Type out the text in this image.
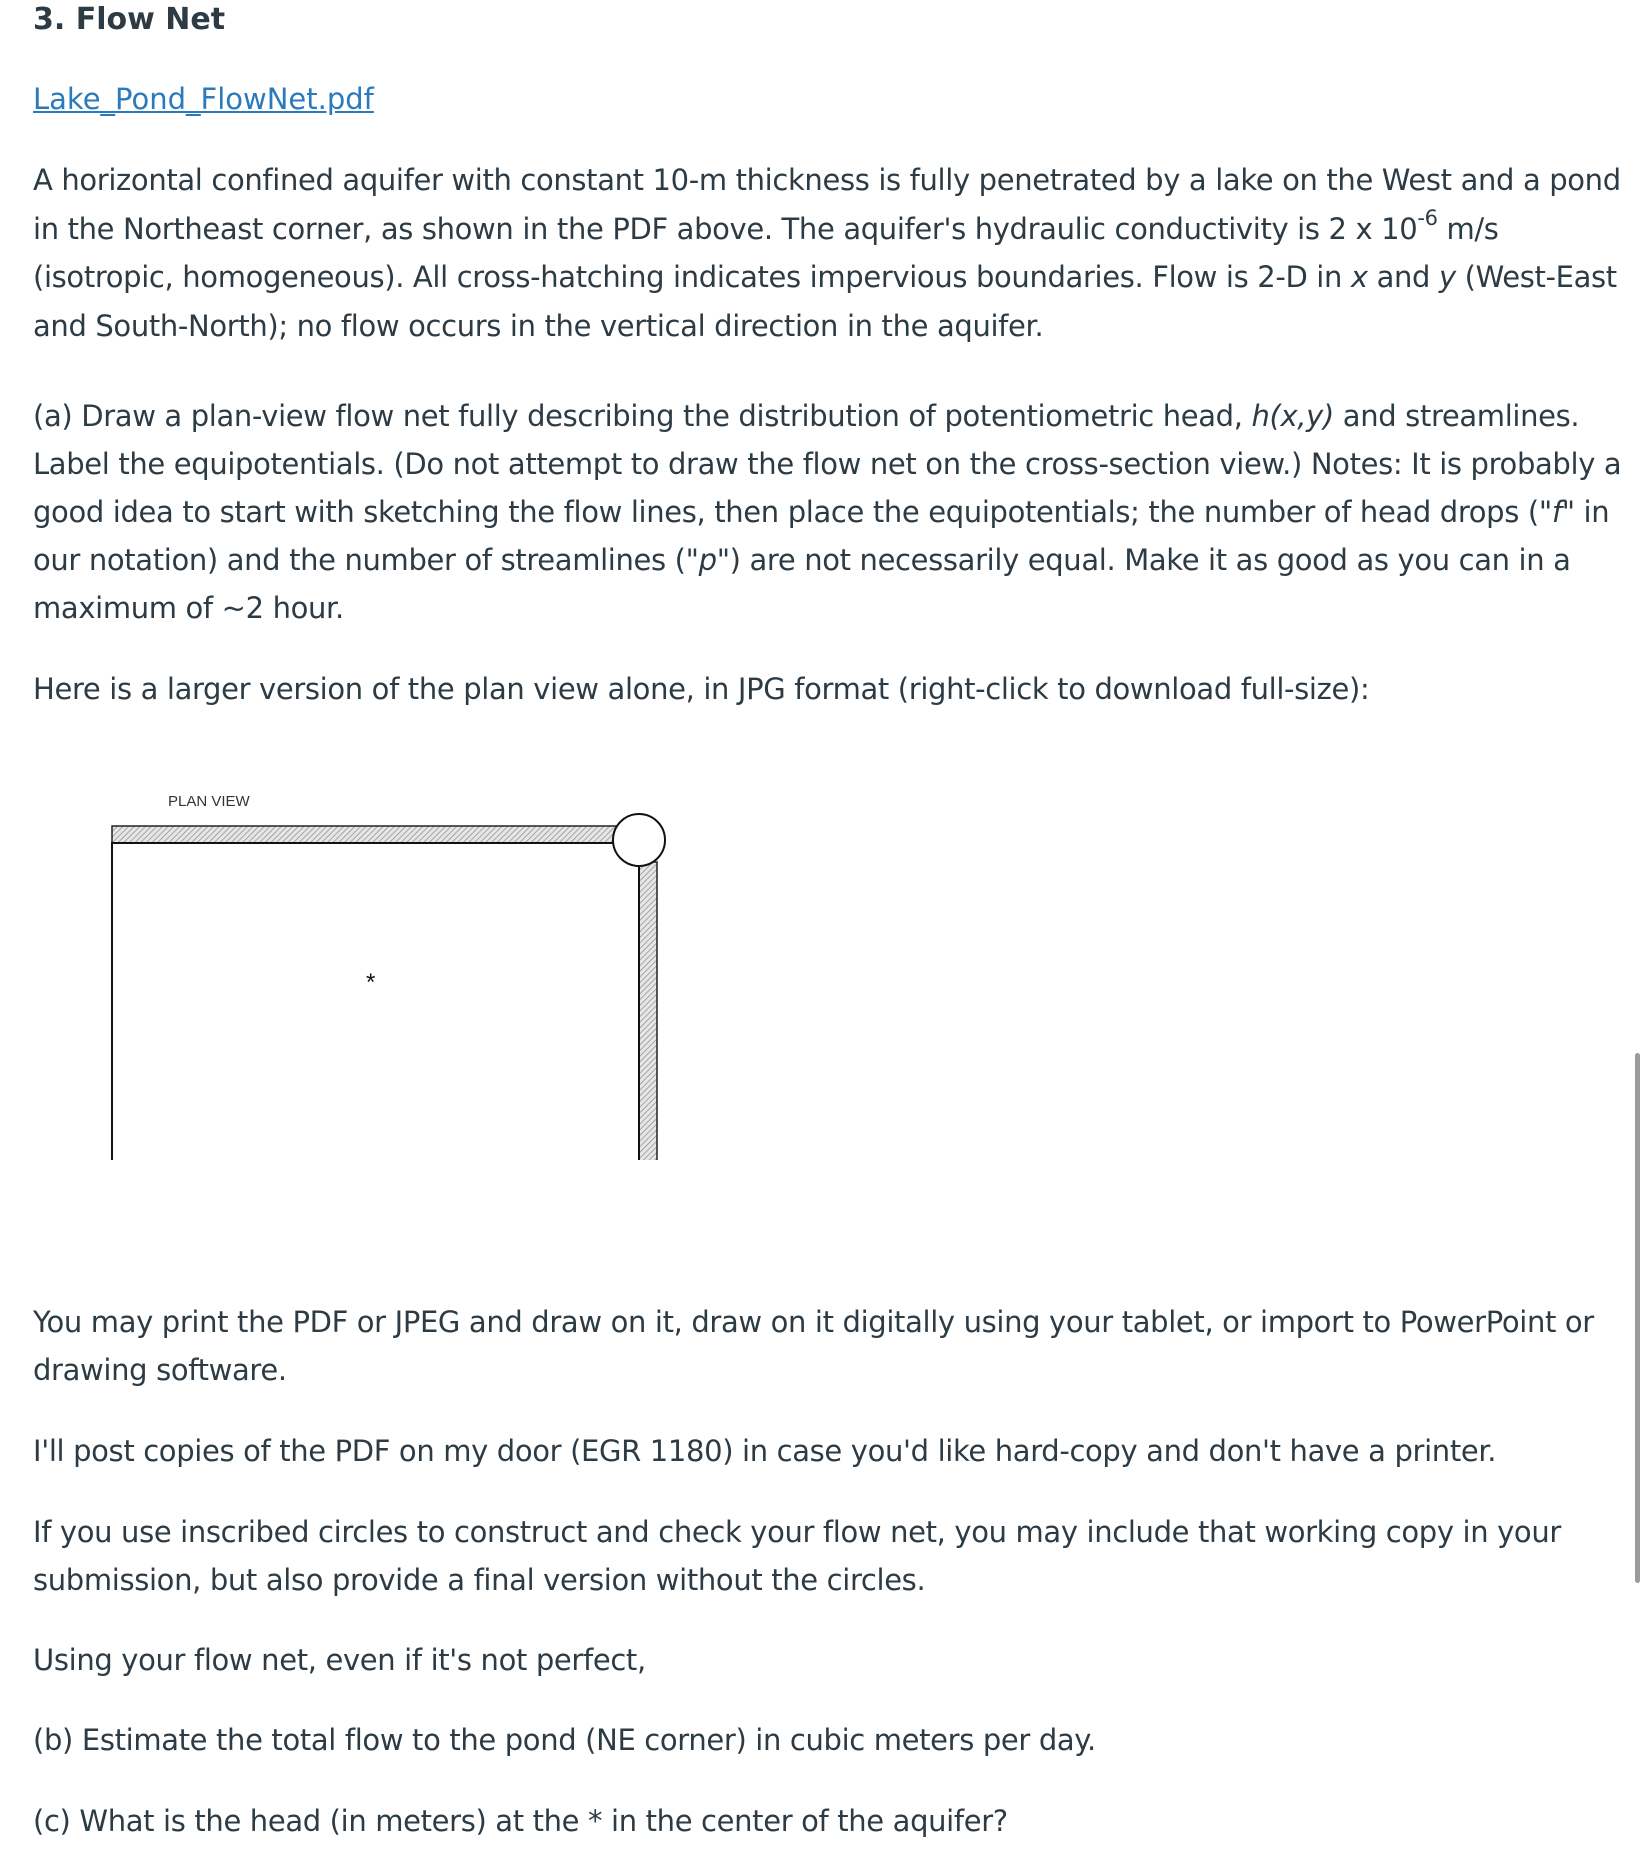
3. Flow Net
Lake_Pond_FlowNet.pdf

A horizontal confined aquifer with constant 10-m thickness is fully penetrated by a lake on the West and a pond in the Northeast corner, as shown in the PDF above. The aquifer's hydraulic conductivity is 2 x $10^{-6}$ m/s (isotropic, homogeneous). All cross-hatching indicates impervious boundaries. Flow is 2-D in x and y (West-East and South-North); no flow occurs in the vertical direction in the aquifer.

(a) Draw a plan-view flow net fully describing the distribution of potentiometric head, h(x,y) and streamlines. Label the equipotentials. (Do not attempt to draw the flow net on the cross-section view.) Notes: It is probably a good idea to start with sketching the flow lines, then place the equipotentials; the number of head drops ("f" in our notation) and the number of streamlines ("p") are not necessarily equal. Make it as good as you can in a maximum of ~2 hour.

Here is a larger version of the plan view alone, in JPG format (right-click to download full-size):

PLAN VIEW
*

You may print the PDF or JPEG and draw on it, draw on it digitally using your tablet, or import to PowerPoint or drawing software.

I'll post copies of the PDF on my door (EGR 1180) in case you'd like hard-copy and don't have a printer.

If you use inscribed circles to construct and check your flow net, you may include that working copy in your submission, but also provide a final version without the circles.

Using your flow net, even if it's not perfect,

(b) Estimate the total flow to the pond (NE corner) in cubic meters per day.

(c) What is the head (in meters) at the * in the center of the aquifer?
